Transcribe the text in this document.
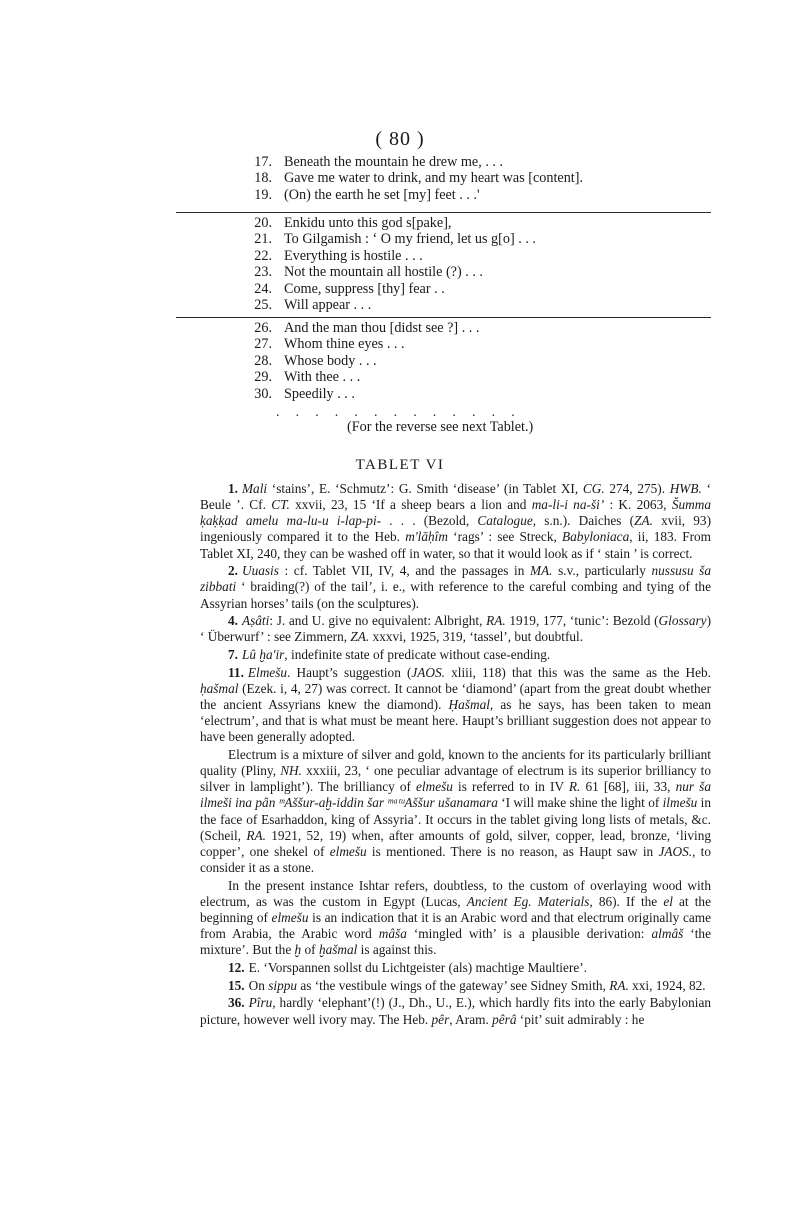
( 80 )
17. Beneath the mountain he drew me, . . .
18. Gave me water to drink, and my heart was [content].
19. (On) the earth he set [my] feet . . .'
20. Enkidu unto this god s[pake],
21. To Gilgamish : ‘ O my friend, let us g[o] . . .
22. Everything is hostile . . .
23. Not the mountain all hostile (?) . . .
24. Come, suppress [thy] fear . .
25. Will appear . . .
26. And the man thou [didst see ?] . . .
27. Whom thine eyes . . .
28. Whose body . . .
29. With thee . . .
30. Speedily . . .
. . . . . . . . . . . . .
(For the reverse see next Tablet.)
TABLET VI

1. Mali ‘stains’, E. ‘Schmutz’: G. Smith ‘disease’ (in Tablet XI, CG. 274, 275). HWB. ‘ Beule ’. Cf. CT. xxvii, 23, 15 ‘If a sheep bears a lion and ma-li-i na-ši’ : K. 2063, Šumma ḳaḳḳad amelu ma-lu-u i-lap-pi- . . . (Bezold, Catalogue, s.n.). Daiches (ZA. xvii, 93) ingeniously compared it to the Heb. m'lāḥîm ‘rags’ : see Streck, Babyloniaca, ii, 183. From Tablet XI, 240, they can be washed off in water, so that it would look as if ‘ stain ’ is correct.

2. Uuasis : cf. Tablet VII, IV, 4, and the passages in MA. s.v., particularly nussusu ša zibbati ‘ braiding(?) of the tail’, i. e., with reference to the careful combing and tying of the Assyrian horses’ tails (on the sculptures).

4. Aṣâti: J. and U. give no equivalent: Albright, RA. 1919, 177, ‘tunic’: Bezold (Glossary) ‘ Überwurf’ : see Zimmern, ZA. xxxvi, 1925, 319, ‘tassel’, but doubtful.

7. Lû ḫa'ir, indefinite state of predicate without case-ending.

11. Elmešu. Haupt’s suggestion (JAOS. xliii, 118) that this was the same as the Heb. ḥašmal (Ezek. i, 4, 27) was correct. It cannot be ‘diamond’ (apart from the great doubt whether the ancient Assyrians knew the diamond). Ḥašmal, as he says, has been taken to mean ‘electrum’, and that is what must be meant here. Haupt’s brilliant suggestion does not appear to have been generally adopted.

Electrum is a mixture of silver and gold, known to the ancients for its particularly brilliant quality (Pliny, NH. xxxiii, 23, ‘ one peculiar advantage of electrum is its superior brilliancy to silver in lamplight’). The brilliancy of elmešu is referred to in IV R. 61 [68], iii, 33, nur ša ilmeši ina pân ᵐAššur-aḫ-iddin šar ᵐᵃᵗᵘAššur ušanamara ‘I will make shine the light of ilmešu in the face of Esarhaddon, king of Assyria’. It occurs in the tablet giving long lists of metals, &c. (Scheil, RA. 1921, 52, 19) when, after amounts of gold, silver, copper, lead, bronze, ‘living copper’, one shekel of elmešu is mentioned. There is no reason, as Haupt saw in JAOS., to consider it as a stone.

In the present instance Ishtar refers, doubtless, to the custom of overlaying wood with electrum, as was the custom in Egypt (Lucas, Ancient Eg. Materials, 86). If the el at the beginning of elmešu is an indication that it is an Arabic word and that electrum originally came from Arabia, the Arabic word mâša ‘mingled with’ is a plausible derivation: almâš ‘the mixture’. But the ḫ of ḫašmal is against this.

12. E. ‘Vorspannen sollst du Lichtgeister (als) machtige Maultiere’.

15. On sippu as ‘the vestibule wings of the gateway’ see Sidney Smith, RA. xxi, 1924, 82.

36. Pîru, hardly ‘elephant’(!) (J., Dh., U., E.), which hardly fits into the early Babylonian picture, however well ivory may. The Heb. pêr, Aram. pêrâ ‘pit’ suit admirably : he
